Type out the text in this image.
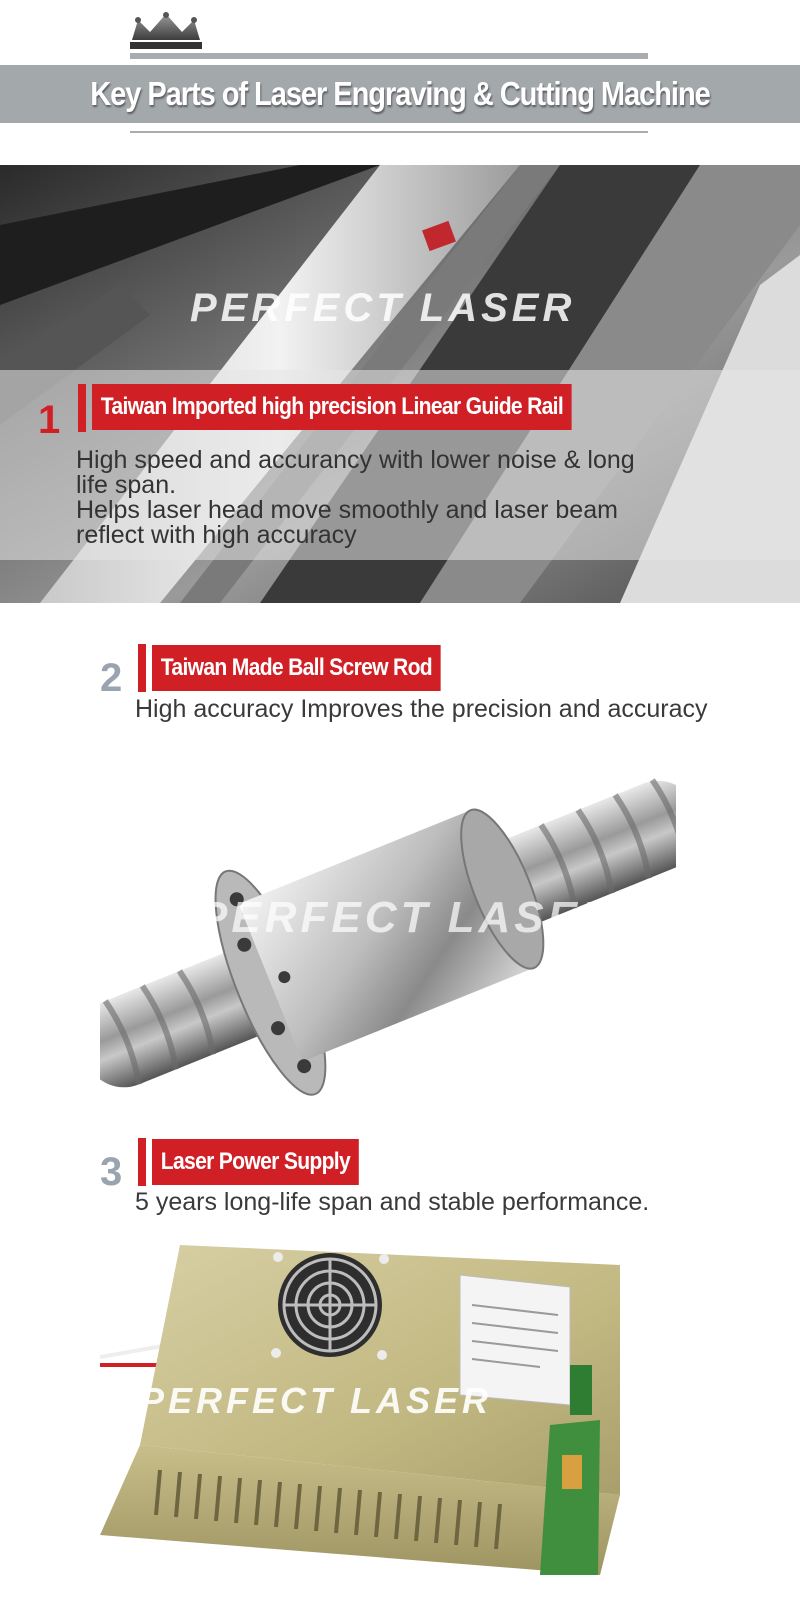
Key Parts of Laser Engraving & Cutting Machine
PERFECT LASER
1	Taiwan Imported high precision Linear Guide Rail
High speed and accurancy with lower noise & long
life span.
Helps laser head move smoothly and laser beam
reflect with high accuracy
2	Taiwan Made Ball Screw Rod
High accuracy Improves the precision and accuracy
PERFECT LASER
3	Laser Power Supply
5 years long-life span and stable performance.
PERFECT LASER
